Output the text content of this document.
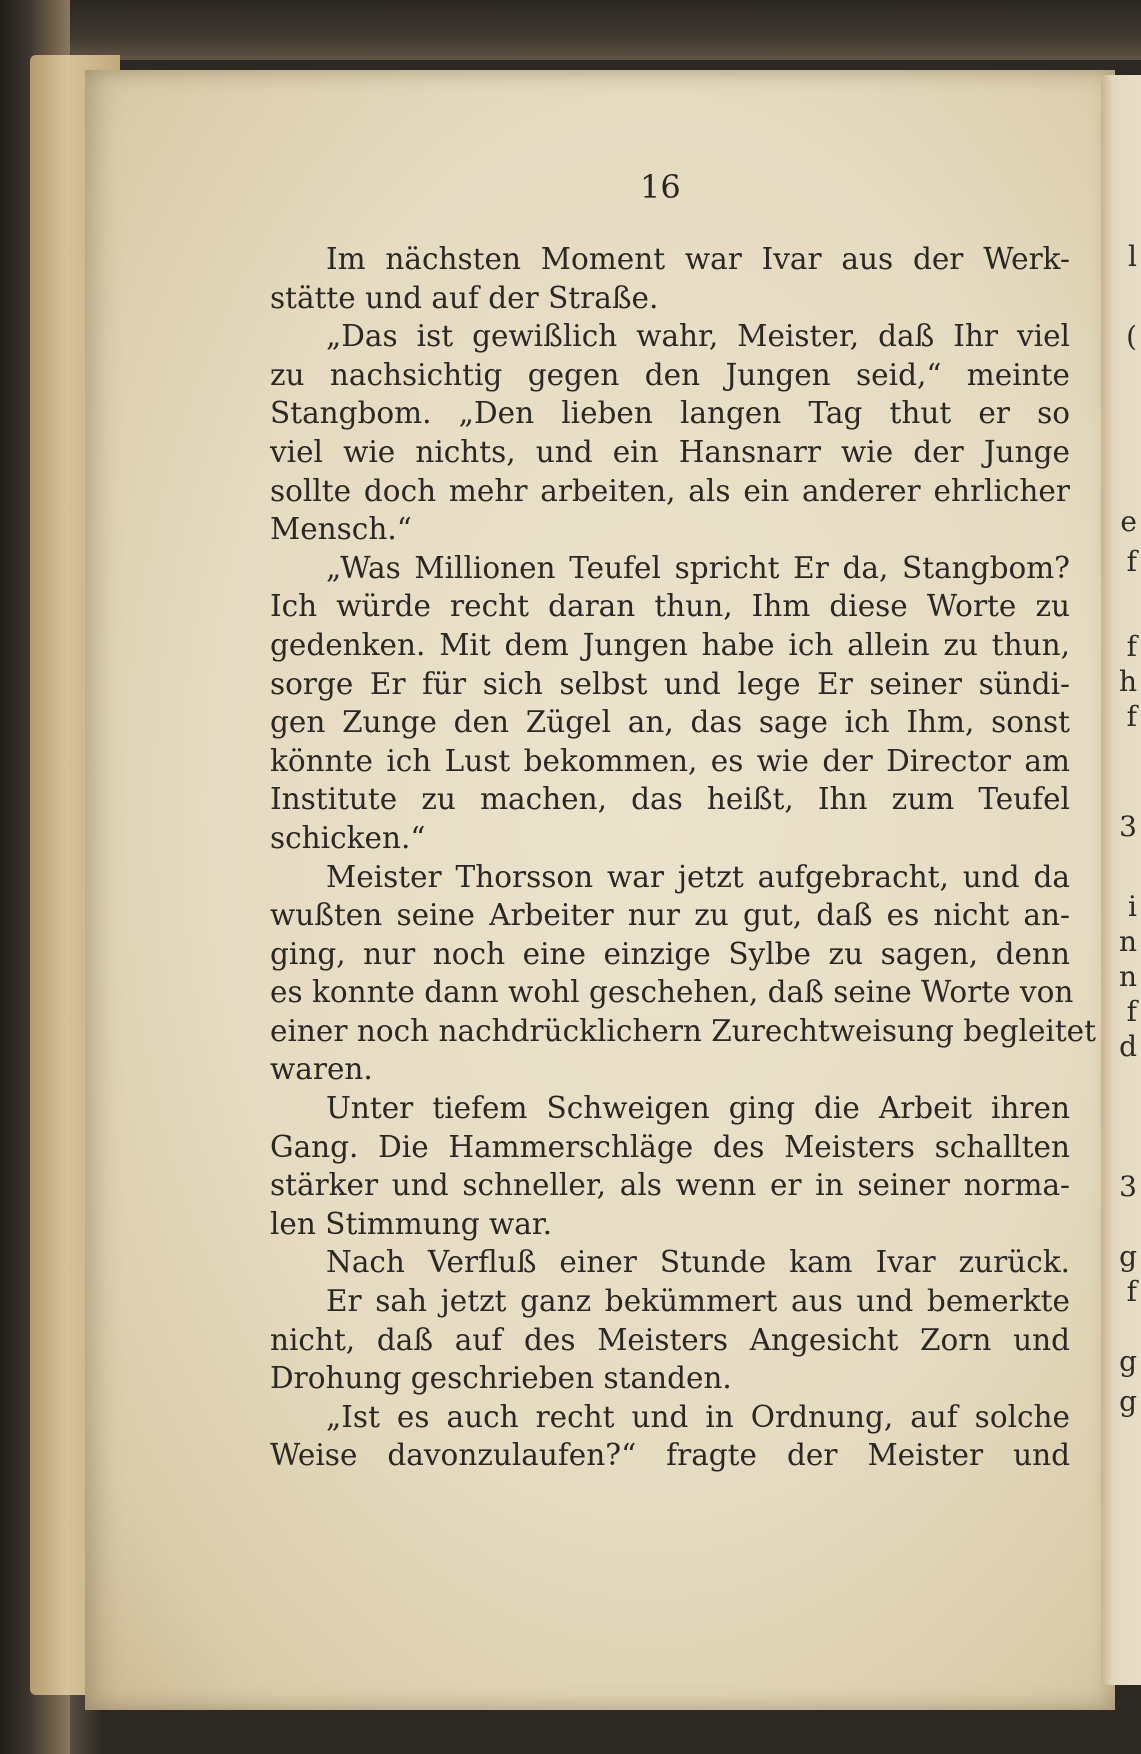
l
(
e
f
f
h
f
3
i
n
n
f
d
3
g
f
g
g
16
Im nächsten Moment war Ivar aus der Werk-
stätte und auf der Straße.
„Das ist gewißlich wahr, Meister, daß Ihr viel
zu nachsichtig gegen den Jungen seid,“ meinte
Stangbom. „Den lieben langen Tag thut er so
viel wie nichts, und ein Hansnarr wie der Junge
sollte doch mehr arbeiten, als ein anderer ehrlicher
Mensch.“
„Was Millionen Teufel spricht Er da, Stangbom?
Ich würde recht daran thun, Ihm diese Worte zu
gedenken. Mit dem Jungen habe ich allein zu thun,
sorge Er für sich selbst und lege Er seiner sündi-
gen Zunge den Zügel an, das sage ich Ihm, sonst
könnte ich Lust bekommen, es wie der Director am
Institute zu machen, das heißt, Ihn zum Teufel
schicken.“
Meister Thorsson war jetzt aufgebracht, und da
wußten seine Arbeiter nur zu gut, daß es nicht an-
ging, nur noch eine einzige Sylbe zu sagen, denn
es konnte dann wohl geschehen, daß seine Worte von
einer noch nachdrücklichern Zurechtweisung begleitet
waren.
Unter tiefem Schweigen ging die Arbeit ihren
Gang. Die Hammerschläge des Meisters schallten
stärker und schneller, als wenn er in seiner norma-
len Stimmung war.
Nach Verfluß einer Stunde kam Ivar zurück.
Er sah jetzt ganz bekümmert aus und bemerkte
nicht, daß auf des Meisters Angesicht Zorn und
Drohung geschrieben standen.
„Ist es auch recht und in Ordnung, auf solche
Weise davonzulaufen?“ fragte der Meister und
